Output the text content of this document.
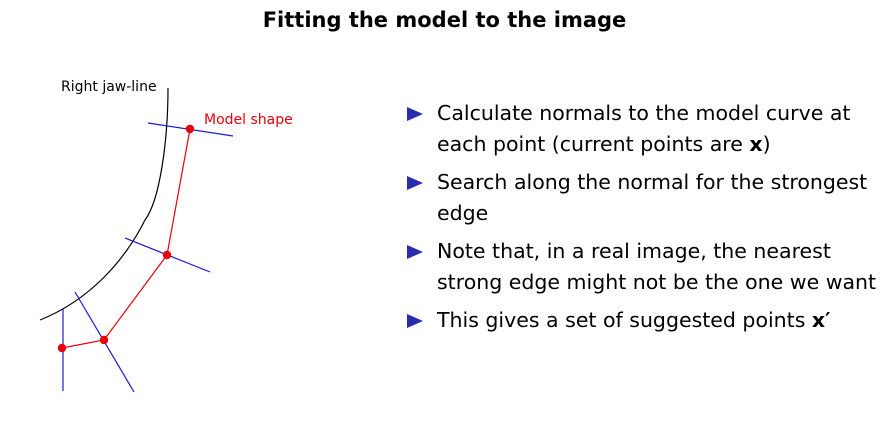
Fitting the model to the image
Right jaw-line
Model shape	Calculate normals to the model curve at each point (current points are x)
Search along the normal for the strongest edge
Note that, in a real image, the nearest strong edge might not be the one we want
This gives a set of suggested points x′
